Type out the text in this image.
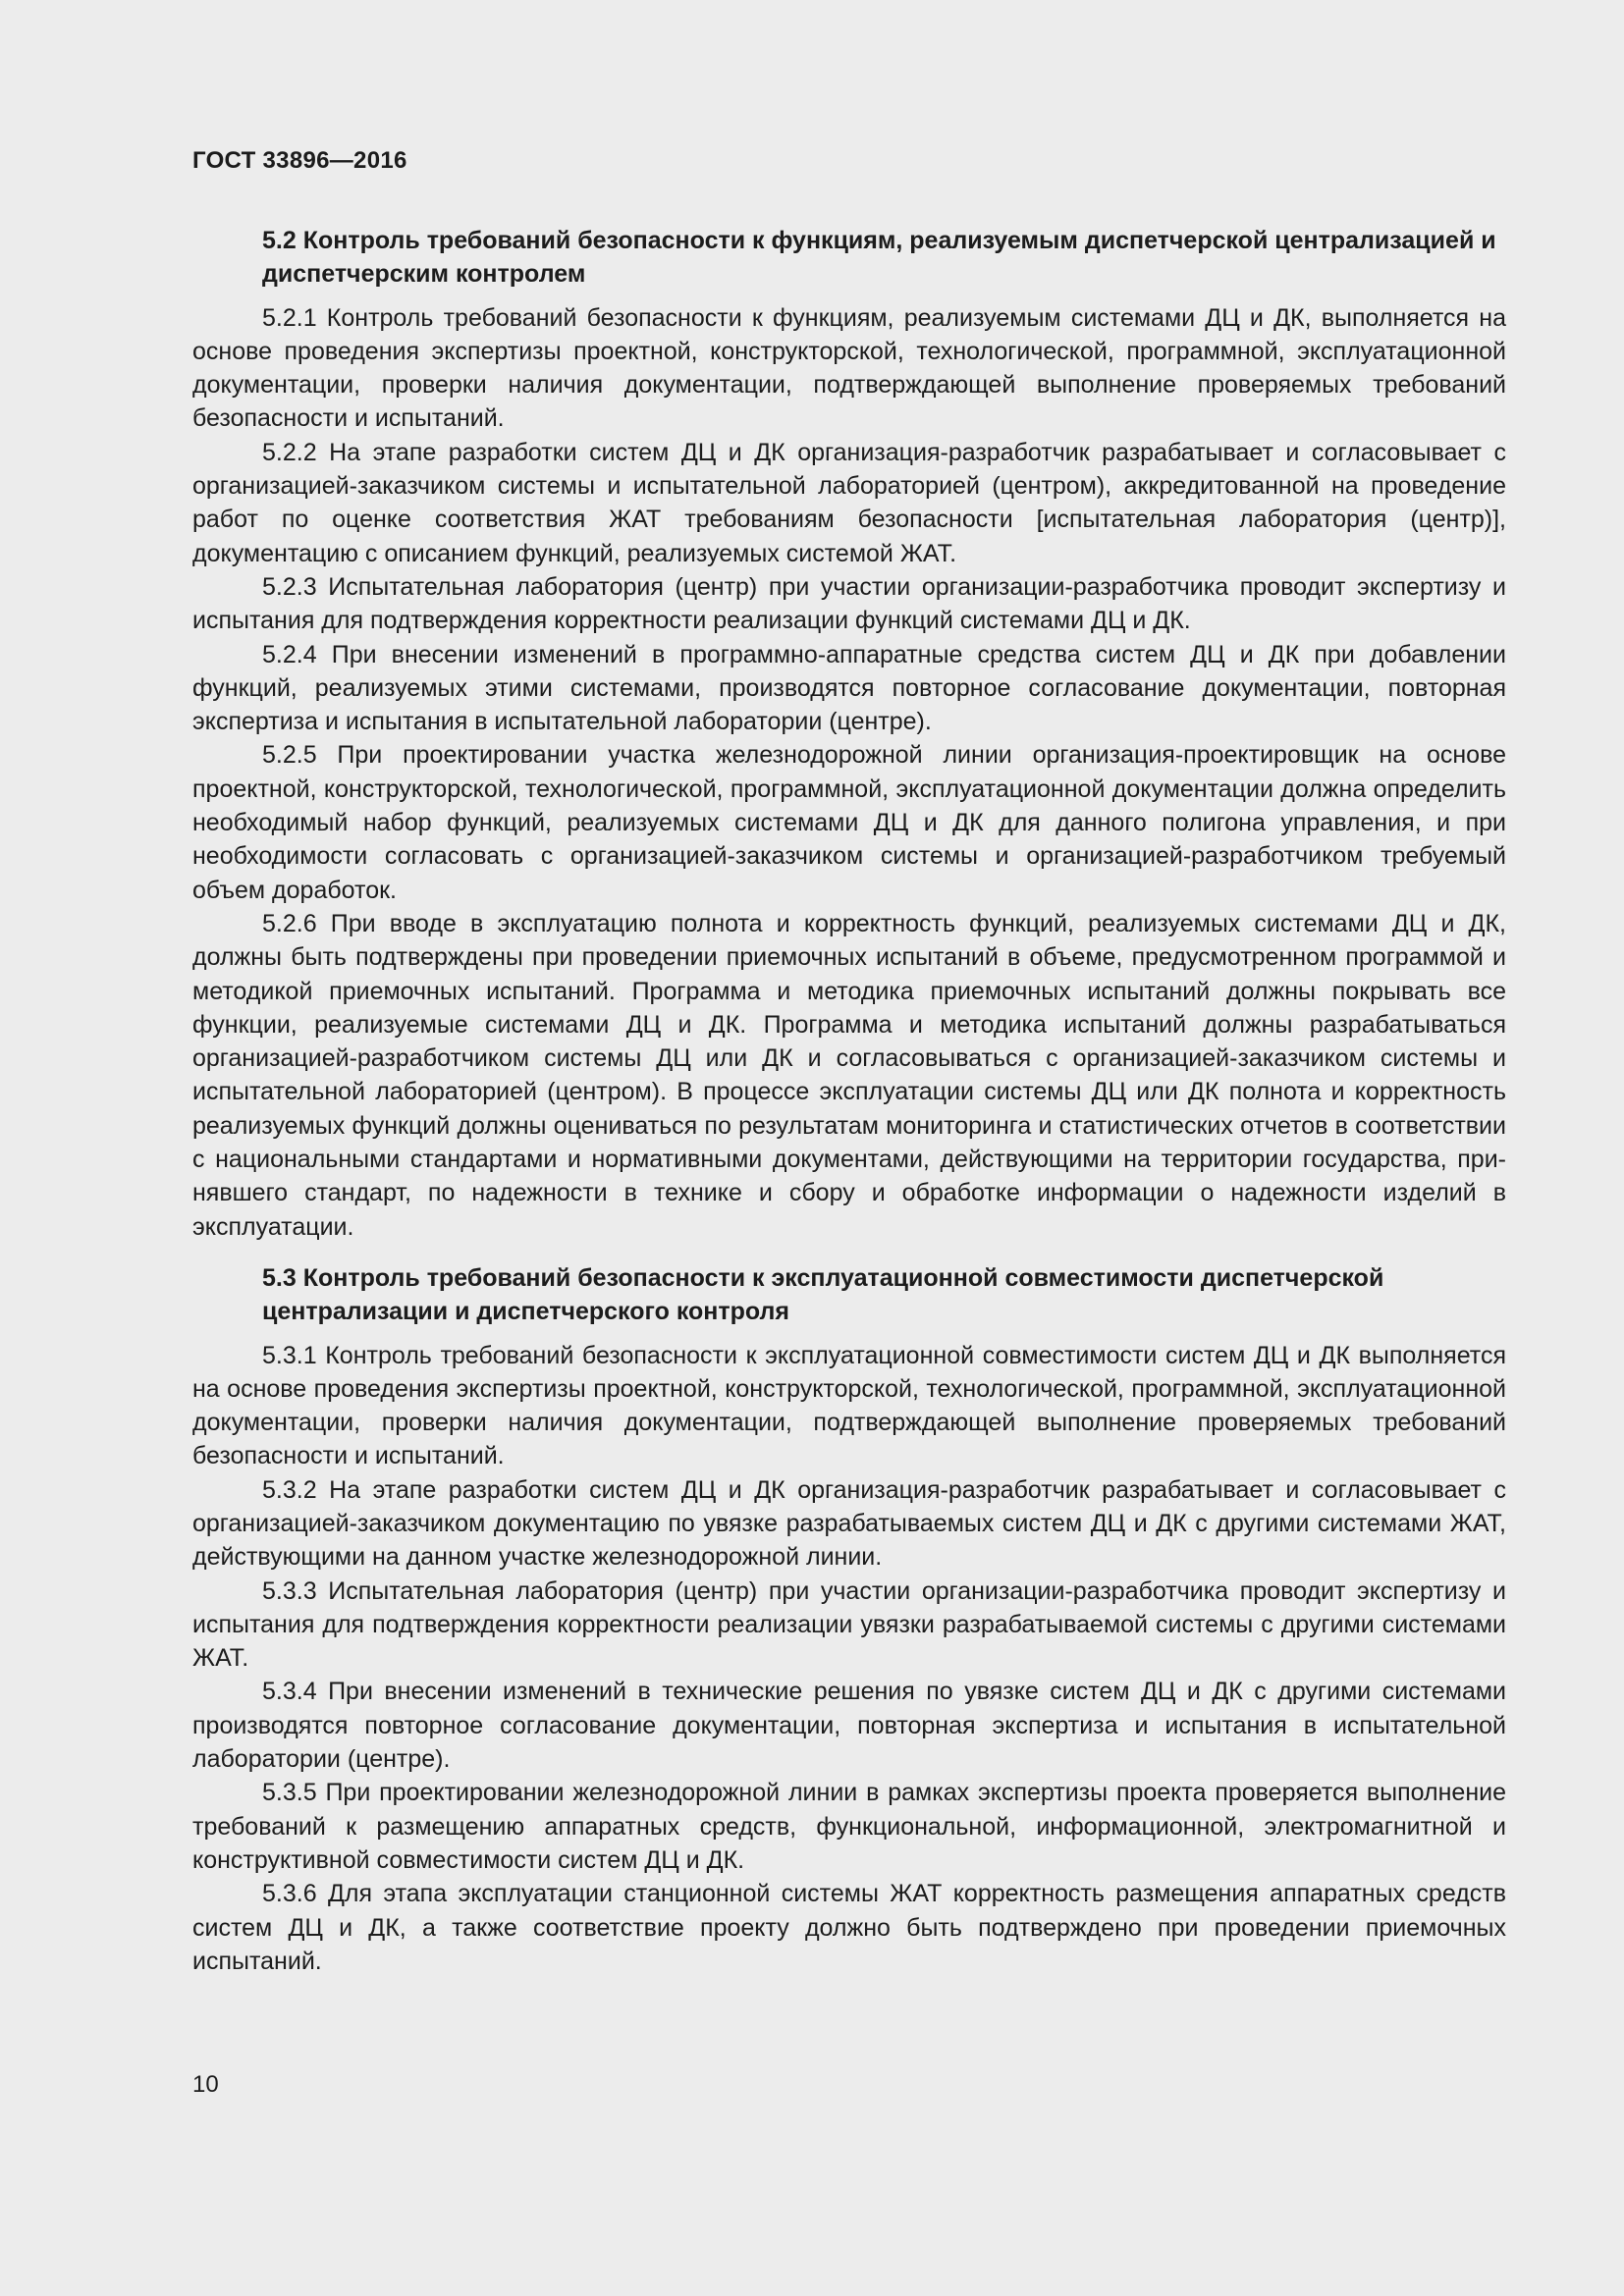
ГОСТ 33896—2016

5.2 Контроль требований безопасности к функциям, реализуемым диспетчерской централизацией и диспетчерским контролем

5.2.1 Контроль требований безопасности к функциям, реализуемым системами ДЦ и ДК, выполняется на основе проведения экспертизы проектной, конструкторской, технологической, программной, эксплуатационной документации, проверки наличия документации, подтверждающей выполнение проверяемых требований безопасности и испытаний.

5.2.2 На этапе разработки систем ДЦ и ДК организация-разработчик разрабатывает и согласовывает с организацией-заказчиком системы и испытательной лабораторией (центром), аккредитованной на проведение работ по оценке соответствия ЖАТ требованиям безопасности [испытательная лаборатория (центр)], документацию с описанием функций, реализуемых системой ЖАТ.

5.2.3 Испытательная лаборатория (центр) при участии организации-разработчика проводит экспертизу и испытания для подтверждения корректности реализации функций системами ДЦ и ДК.

5.2.4 При внесении изменений в программно-аппаратные средства систем ДЦ и ДК при добавлении функций, реализуемых этими системами, производятся повторное согласование документации, повторная экспертиза и испытания в испытательной лаборатории (центре).

5.2.5 При проектировании участка железнодорожной линии организация-проектировщик на основе проектной, конструкторской, технологической, программной, эксплуатационной документации должна определить необходимый набор функций, реализуемых системами ДЦ и ДК для данного полигона управления, и при необходимости согласовать с организацией-заказчиком системы и организацией-разработчиком требуемый объем доработок.

5.2.6 При вводе в эксплуатацию полнота и корректность функций, реализуемых системами ДЦ и ДК, должны быть подтверждены при проведении приемочных испытаний в объеме, предусмотренном программой и методикой приемочных испытаний. Программа и методика приемочных испытаний должны покрывать все функции, реализуемые системами ДЦ и ДК. Программа и методика испытаний должны разрабатываться организацией-разработчиком системы ДЦ или ДК и согласовываться с организацией-заказчиком системы и испытательной лабораторией (центром). В процессе эксплуатации системы ДЦ или ДК полнота и корректность реализуемых функций должны оцениваться по результатам мониторинга и статистических отчетов в соответствии с национальными стандартами и нормативными документами, действующими на территории государства, принявшего стандарт, по надежности в технике и сбору и обработке информации о надежности изделий в эксплуатации.

5.3 Контроль требований безопасности к эксплуатационной совместимости диспетчерской централизации и диспетчерского контроля

5.3.1 Контроль требований безопасности к эксплуатационной совместимости систем ДЦ и ДК выполняется на основе проведения экспертизы проектной, конструкторской, технологической, программной, эксплуатационной документации, проверки наличия документации, подтверждающей выполнение проверяемых требований безопасности и испытаний.

5.3.2 На этапе разработки систем ДЦ и ДК организация-разработчик разрабатывает и согласовывает с организацией-заказчиком документацию по увязке разрабатываемых систем ДЦ и ДК с другими системами ЖАТ, действующими на данном участке железнодорожной линии.

5.3.3 Испытательная лаборатория (центр) при участии организации-разработчика проводит экспертизу и испытания для подтверждения корректности реализации увязки разрабатываемой системы с другими системами ЖАТ.

5.3.4 При внесении изменений в технические решения по увязке систем ДЦ и ДК с другими системами производятся повторное согласование документации, повторная экспертиза и испытания в испытательной лаборатории (центре).

5.3.5 При проектировании железнодорожной линии в рамках экспертизы проекта проверяется выполнение требований к размещению аппаратных средств, функциональной, информационной, электромагнитной и конструктивной совместимости систем ДЦ и ДК.

5.3.6 Для этапа эксплуатации станционной системы ЖАТ корректность размещения аппаратных средств систем ДЦ и ДК, а также соответствие проекту должно быть подтверждено при проведении приемочных испытаний.

10
